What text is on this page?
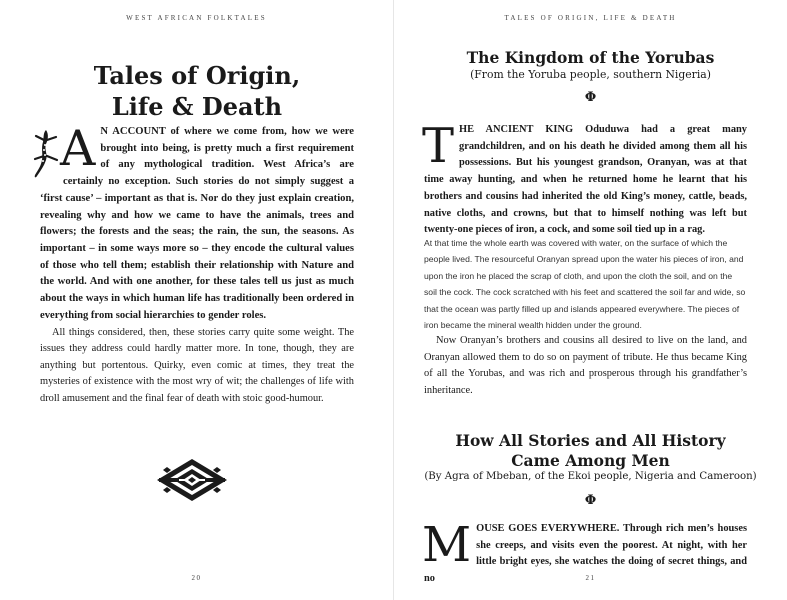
WEST AFRICAN FOLKTALES
Tales of Origin,
Life & Death
A N ACCOUNT of where we come from, how we were brought into being, is pretty much a first requirement of any mythological tradition. West Africa’s are certainly no exception. Such stories do not simply suggest a ‘first cause’ – important as that is. Nor do they just explain creation, revealing why and how we came to have the animals, trees and flowers; the forests and the seas; the rain, the sun, the seasons. As important – in some ways more so – they encode the cultural values of those who tell them; establish their relationship with Nature and the world. And with one another, for these tales tell us just as much about the ways in which human life has traditionally been ordered in everything from social hierarchies to gender roles.

All things considered, then, these stories carry quite some weight. The issues they address could hardly matter more. In tone, though, they are anything but portentous. Quirky, even comic at times, they treat the mysteries of existence with the most wry of wit; the challenges of life with droll amusement and the final fear of death with stoic good-humour.

20
TALES OF ORIGIN, LIFE & DEATH
The Kingdom of the Yorubas
(From the Yoruba people, southern Nigeria)
Φ
T HE ANCIENT KING Oduduwa had a great many grandchildren, and on his death he divided among them all his possessions. But his youngest grandson, Oranyan, was at that time away hunting, and when he returned home he learnt that his brothers and cousins had inherited the old King’s money, cattle, beads, native cloths, and crowns, but that to himself nothing was left but twenty-one pieces of iron, a cock, and some soil tied up in a rag.

At that time the whole earth was covered with water, on the surface of which the people lived. The resourceful Oranyan spread upon the water his pieces of iron, and upon the iron he placed the scrap of cloth, and upon the cloth the soil, and on the soil the cock. The cock scratched with his feet and scattered the soil far and wide, so that the ocean was partly filled up and islands appeared everywhere. The pieces of iron became the mineral wealth hidden under the ground.

Now Oranyan’s brothers and cousins all desired to live on the land, and Oranyan allowed them to do so on payment of tribute. He thus became King of all the Yorubas, and was rich and prosperous through his grandfather’s inheritance.

How All Stories and All History
Came Among Men
(By Agra of Mbeban, of the Ekoi people, Nigeria and Cameroon)
Φ
M OUSE GOES EVERYWHERE. Through rich men’s houses she creeps, and visits even the poorest. At night, with her little bright eyes, she watches the doing of secret things, and no	21
